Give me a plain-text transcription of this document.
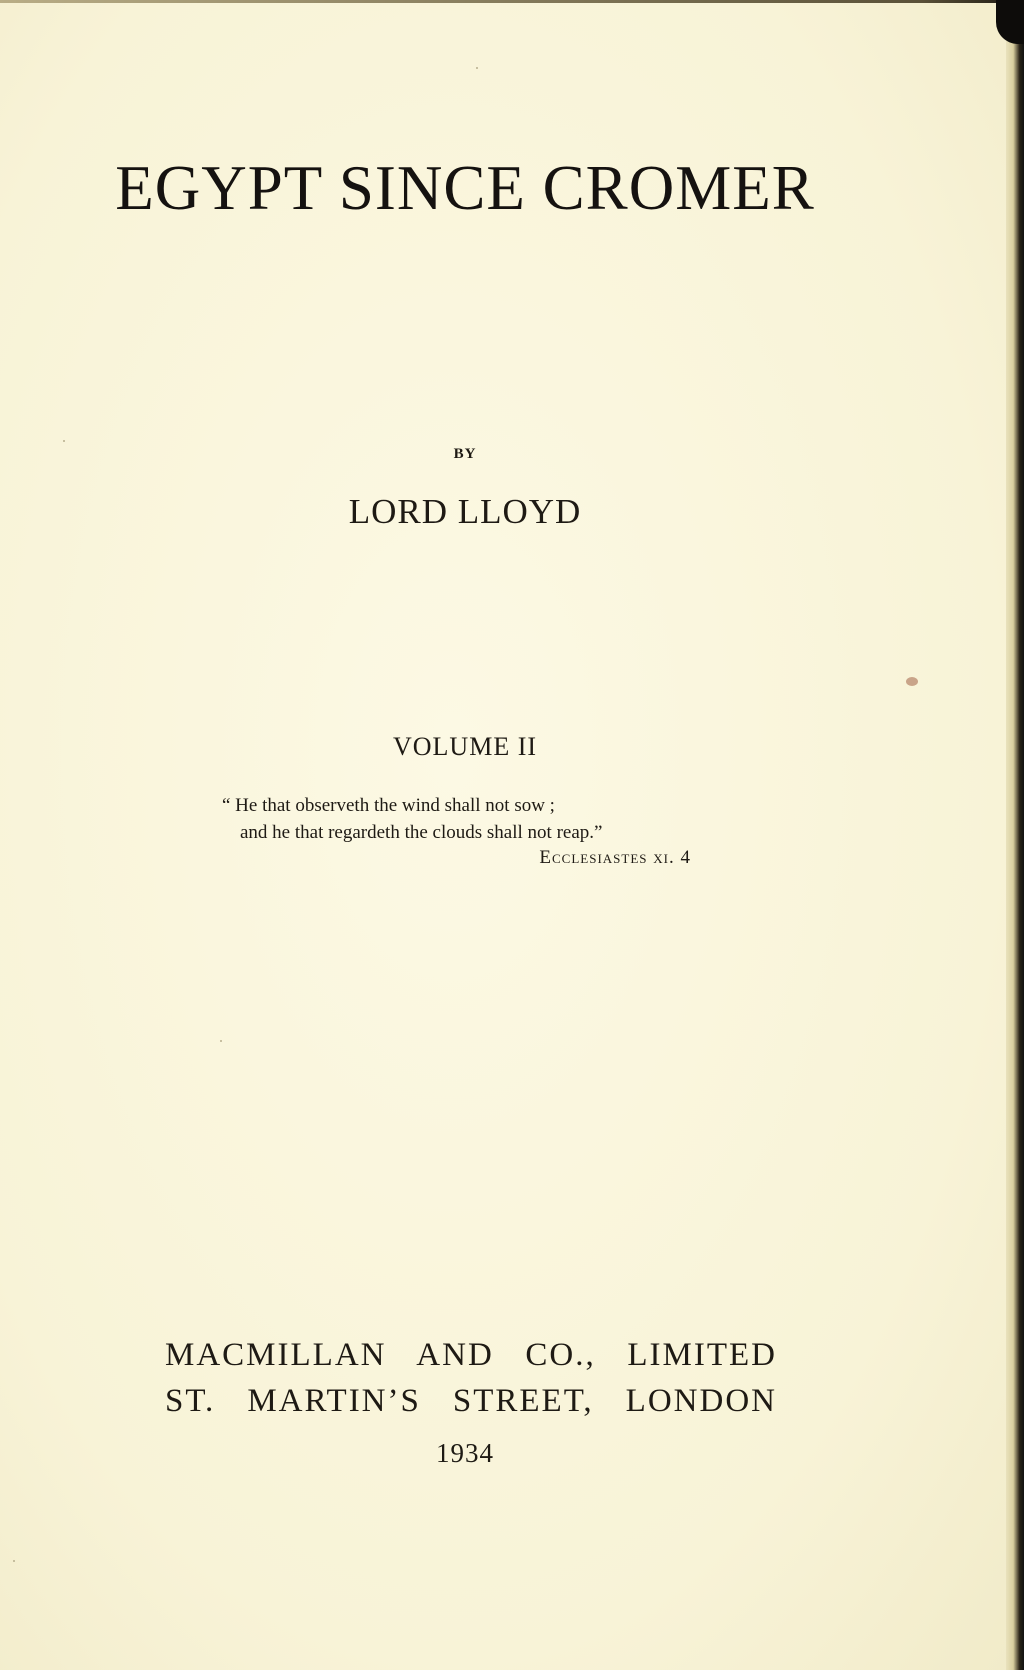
EGYPT SINCE CROMER
BY
LORD LLOYD
VOLUME II
“ He that observeth the wind shall not sow ;
and he that regardeth the clouds shall not reap.”
Ecclesiastes xi. 4
MACMILLAN AND CO., LIMITED
ST. MARTIN’S STREET, LONDON
1934
